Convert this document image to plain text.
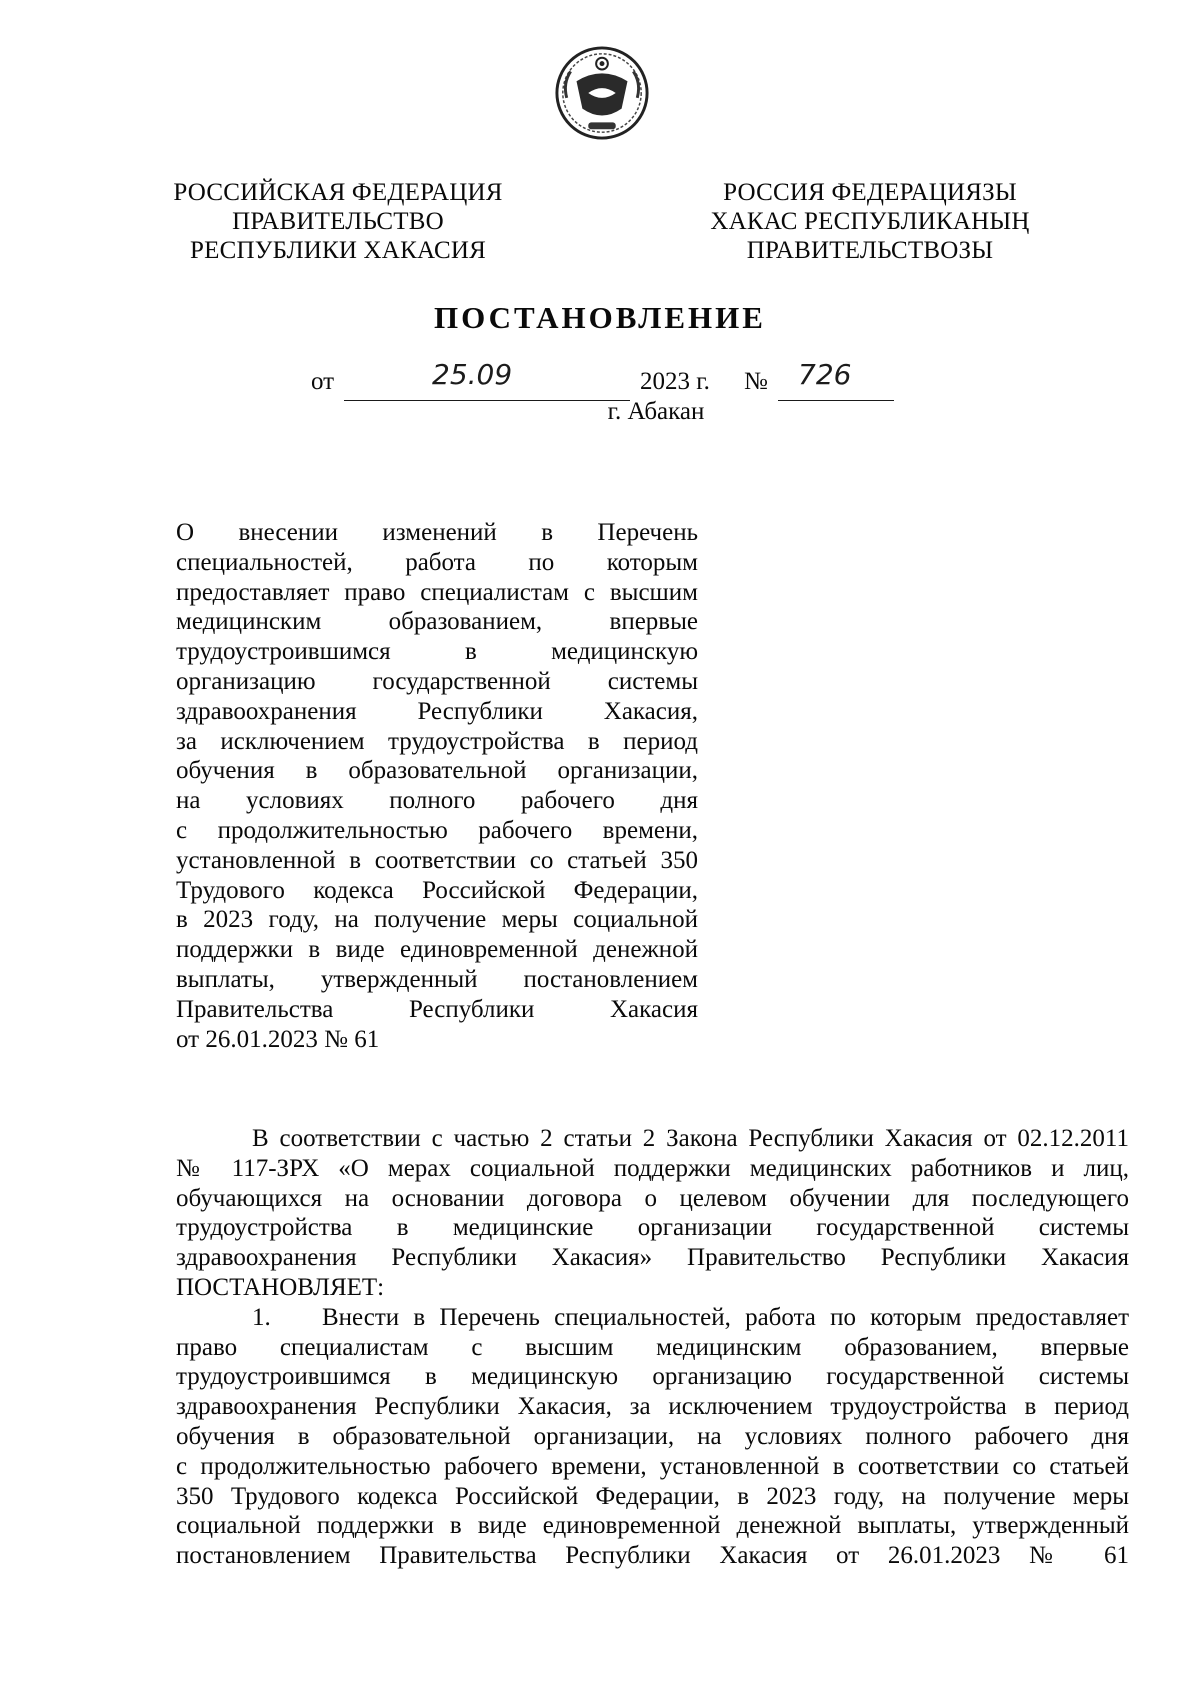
РОССИЙСКАЯ ФЕДЕРАЦИЯ
ПРАВИТЕЛЬСТВО
РЕСПУБЛИКИ ХАКАСИЯ
РОССИЯ ФЕДЕРАЦИЯЗЫ
ХАКАС РЕСПУБЛИКАНЫҢ
ПРАВИТЕЛЬСТВОЗЫ
ПОСТАНОВЛЕНИЕ
от	25.09	2023 г. № 726
г. Абакан
О внесении изменений в Перечень
специальностей, работа по которым
предоставляет право специалистам с высшим
медицинским образованием, впервые
трудоустроившимся в медицинскую
организацию государственной системы
здравоохранения Республики Хакасия,
за исключением трудоустройства в период
обучения в образовательной организации,
на условиях полного рабочего дня
с продолжительностью рабочего времени,
установленной в соответствии со статьей 350
Трудового кодекса Российской Федерации,
в 2023 году, на получение меры социальной
поддержки в виде единовременной денежной
выплаты, утвержденный постановлением
Правительства Республики Хакасия
от 26.01.2023 № 61
В соответствии с частью 2 статьи 2 Закона Республики Хакасия от 02.12.2011
№ 117-ЗРХ «О мерах социальной поддержки медицинских работников и лиц,
обучающихся на основании договора о целевом обучении для последующего
трудоустройства в медицинские организации государственной системы
здравоохранения Республики Хакасия» Правительство Республики Хакасия
ПОСТАНОВЛЯЕТ:
1.	Внести в Перечень специальностей, работа по которым предоставляет
право специалистам с высшим медицинским образованием, впервые
трудоустроившимся в медицинскую организацию государственной системы
здравоохранения Республики Хакасия, за исключением трудоустройства в период
обучения в образовательной организации, на условиях полного рабочего дня
с продолжительностью рабочего времени, установленной в соответствии со статьей
350 Трудового кодекса Российской Федерации, в 2023 году, на получение меры
социальной поддержки в виде единовременной денежной выплаты, утвержденный
постановлением Правительства Республики Хакасия от 26.01.2023 № 61
